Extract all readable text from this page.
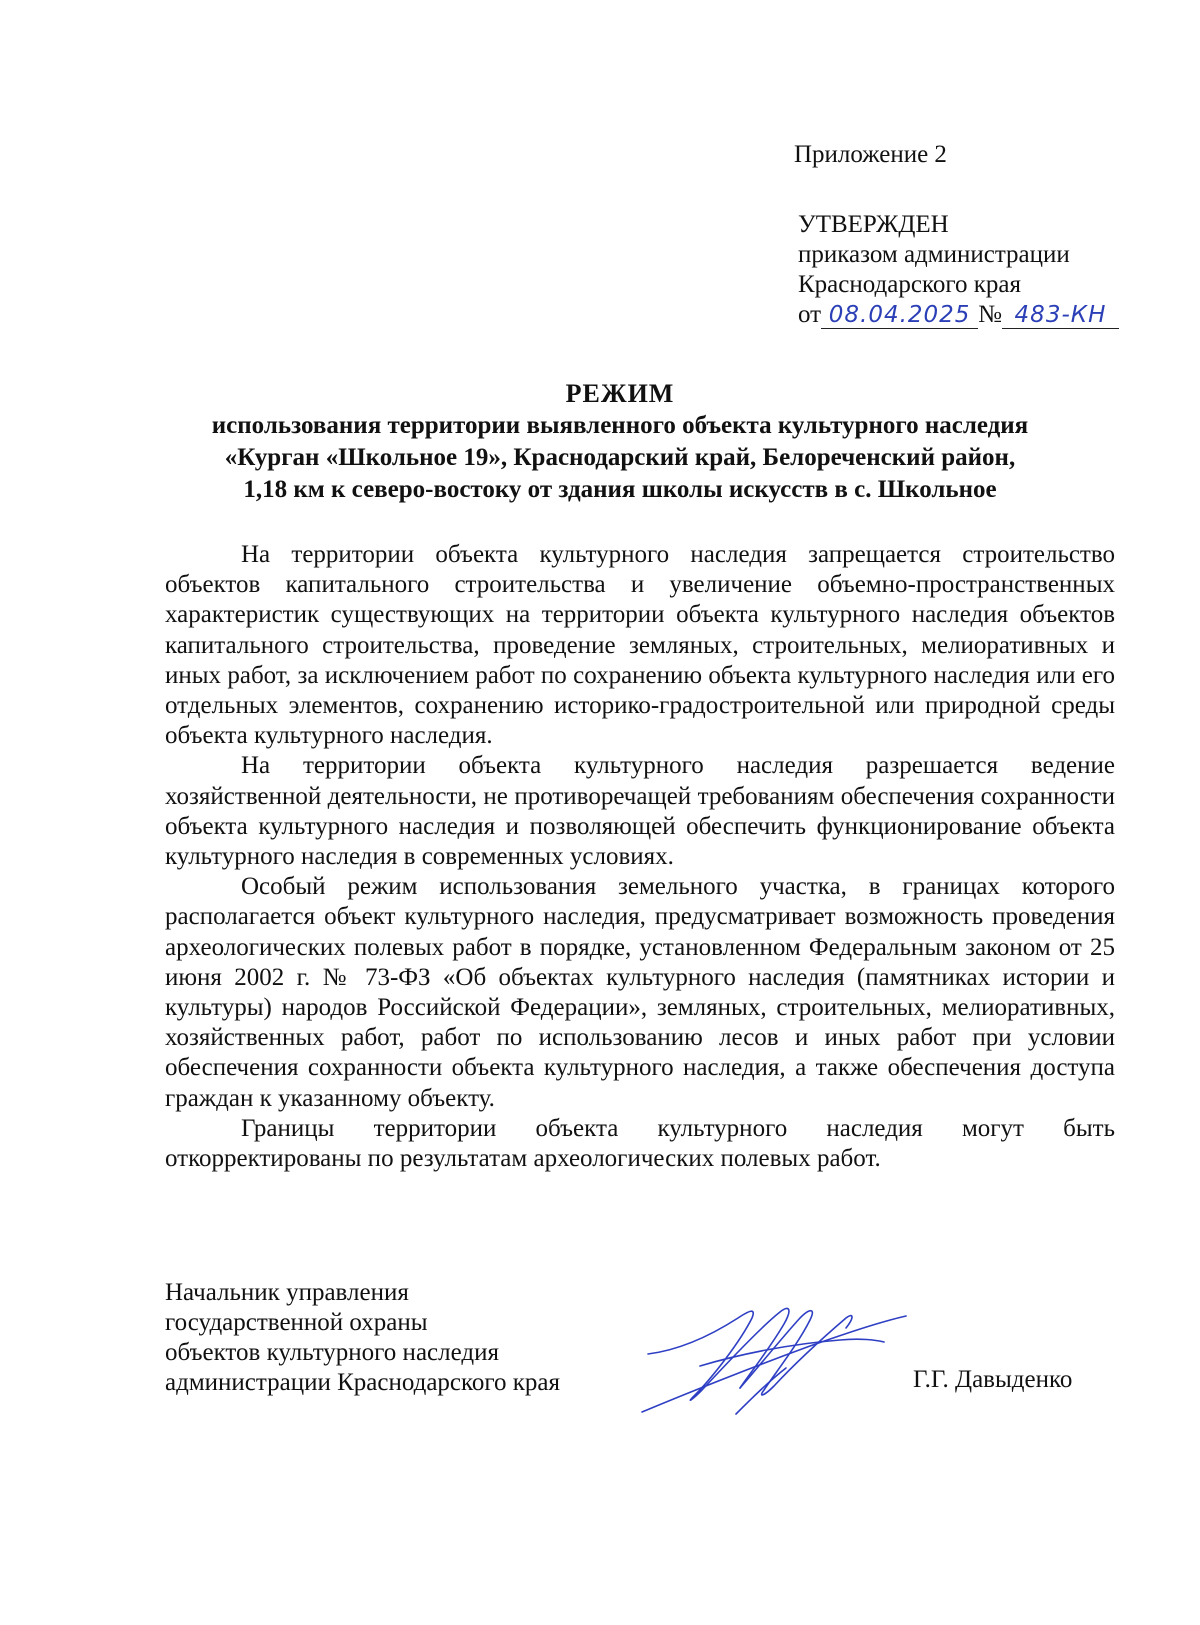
Приложение 2
УТВЕРЖДЕН
приказом администрации
Краснодарского края
от 08.04.2025 № 483-КН
РЕЖИМ
использования территории выявленного объекта культурного наследия
«Курган «Школьное 19», Краснодарский край, Белореченский район,
1,18 км к северо-востоку от здания школы искусств в с. Школьное

На территории объекта культурного наследия запрещается строительство объектов капитального строительства и увеличение объемно-пространственных характеристик существующих на территории объекта культурного наследия объектов капитального строительства, проведение земляных, строительных, мелиоративных и иных работ, за исключением работ по сохранению объекта культурного наследия или его отдельных элементов, сохранению историко-градостроительной или природной среды объекта культурного наследия.

На территории объекта культурного наследия разрешается ведение хозяйственной деятельности, не противоречащей требованиям обеспечения сохранности объекта культурного наследия и позволяющей обеспечить функционирование объекта культурного наследия в современных условиях.

Особый режим использования земельного участка, в границах которого располагается объект культурного наследия, предусматривает возможность проведения археологических полевых работ в порядке, установленном Федеральным законом от 25 июня 2002 г. № 73-ФЗ «Об объектах культурного наследия (памятниках истории и культуры) народов Российской Федерации», земляных, строительных, мелиоративных, хозяйственных работ, работ по использованию лесов и иных работ при условии обеспечения сохранности объекта культурного наследия, а также обеспечения доступа граждан к указанному объекту.

Границы территории объекта культурного наследия могут быть откорректированы по результатам археологических полевых работ.

Начальник управления
государственной охраны
объектов культурного наследия
администрации Краснодарского края	Г.Г. Давыденко
